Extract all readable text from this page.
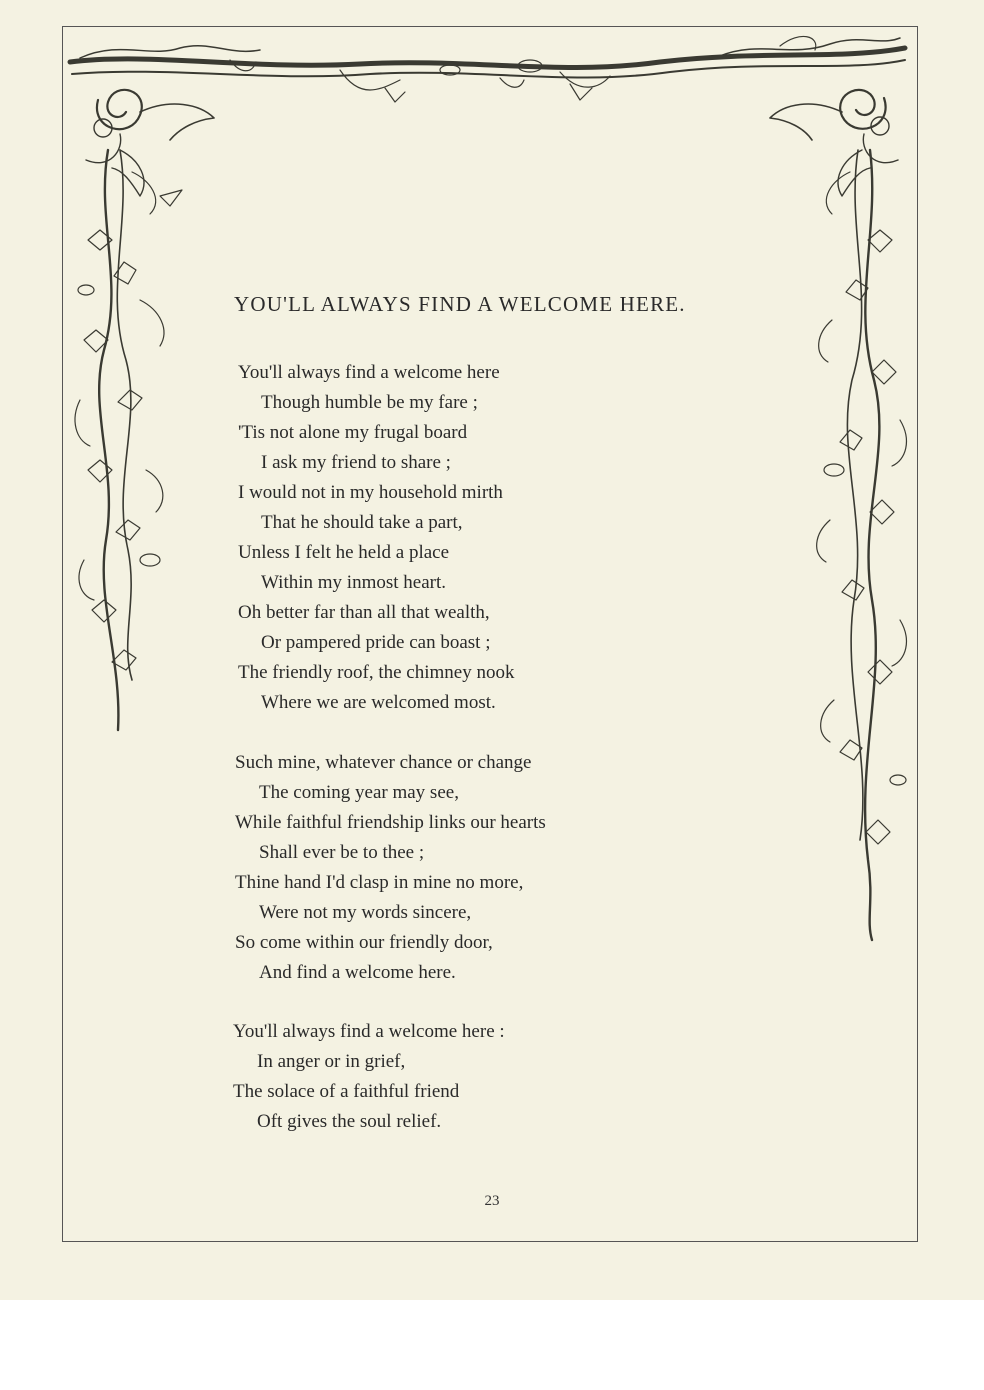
YOU'LL ALWAYS FIND A WELCOME HERE.
You'll always find a welcome here
Though humble be my fare ;
'Tis not alone my frugal board
I ask my friend to share ;
I would not in my household mirth
That he should take a part,
Unless I felt he held a place
Within my inmost heart.
Oh better far than all that wealth,
Or pampered pride can boast ;
The friendly roof, the chimney nook
Where we are welcomed most.
Such mine, whatever chance or change
The coming year may see,
While faithful friendship links our hearts
Shall ever be to thee ;
Thine hand I'd clasp in mine no more,
Were not my words sincere,
So come within our friendly door,
And find a welcome here.
You'll always find a welcome here :
In anger or in grief,
The solace of a faithful friend
Oft gives the soul relief.
23
